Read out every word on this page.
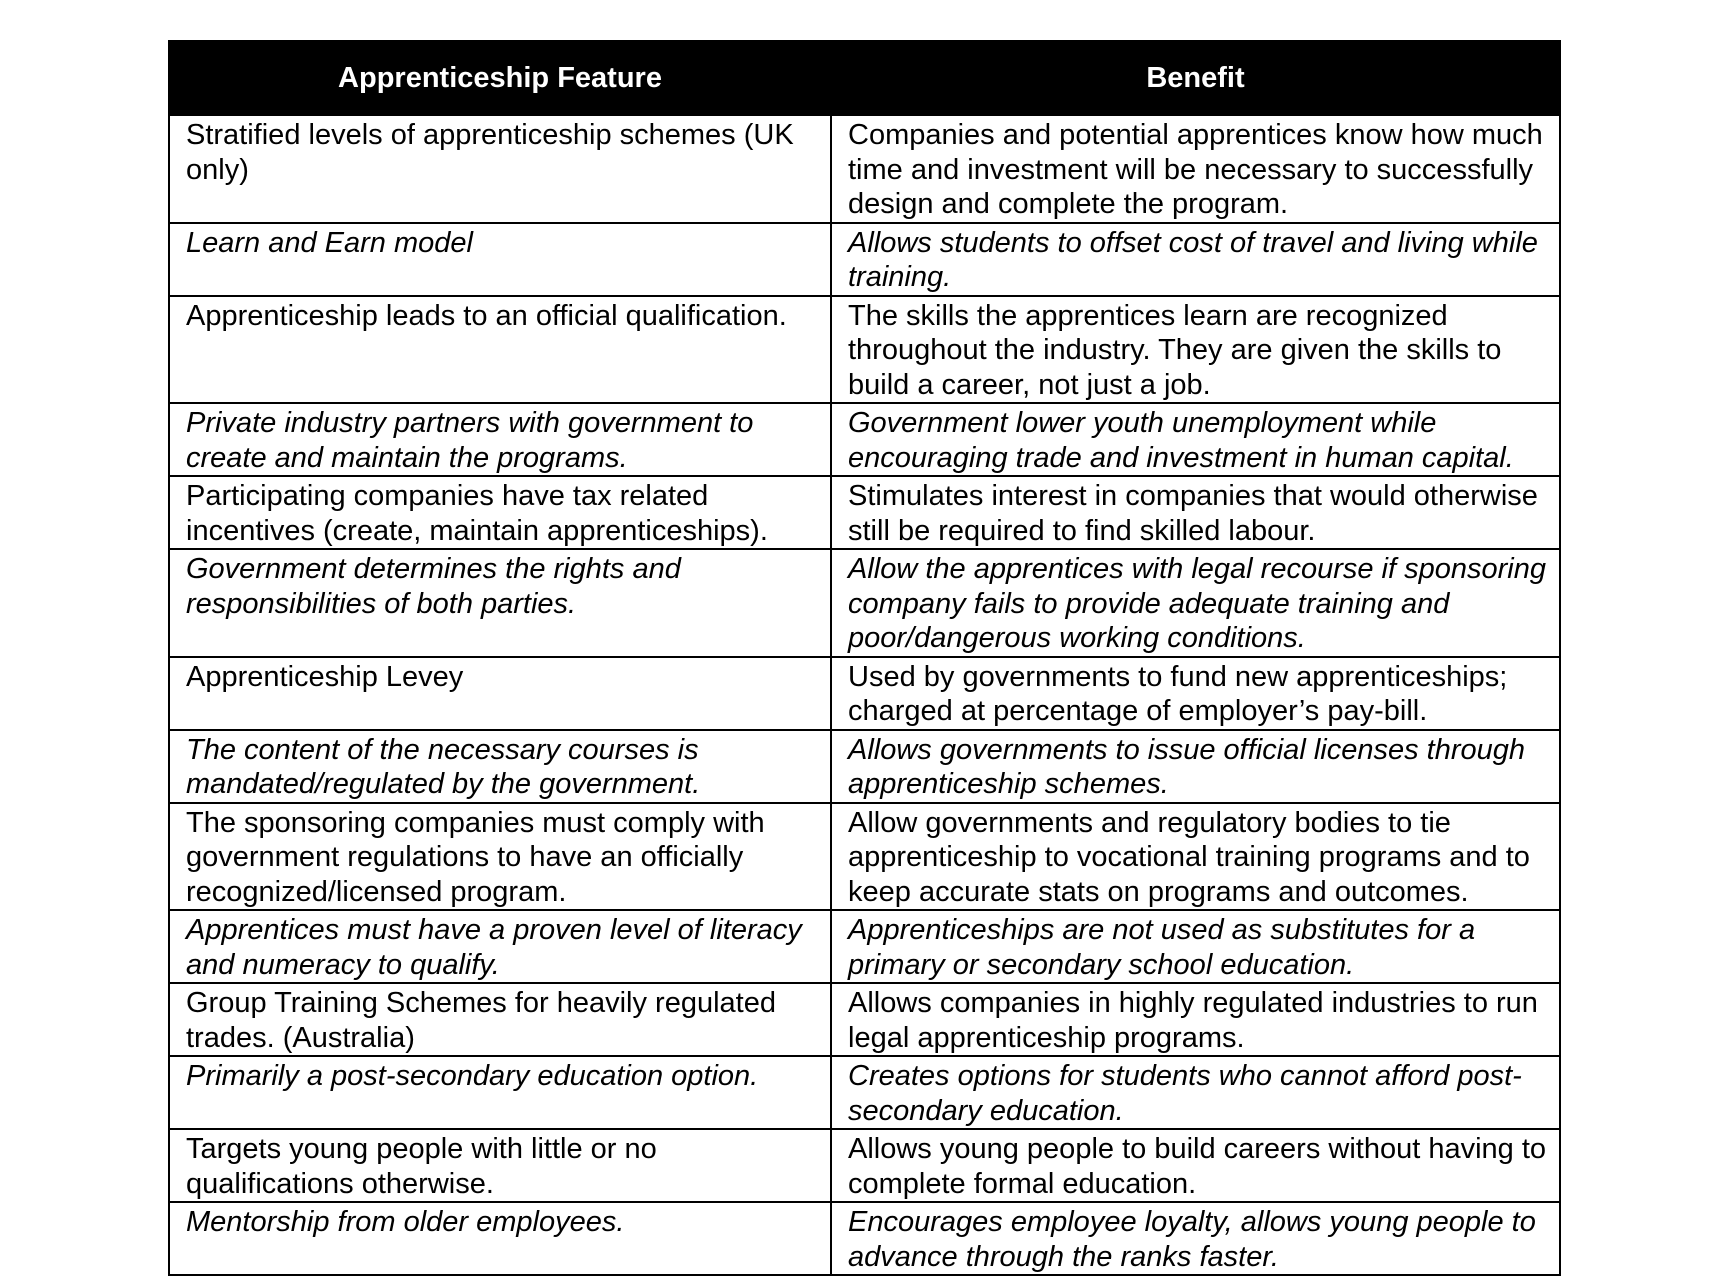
Apprenticeship Feature	Benefit
Stratified levels of apprenticeship schemes (UK only)	Companies and potential apprentices know how much time and investment will be necessary to successfully design and complete the program.
Learn and Earn model	Allows students to offset cost of travel and living while training.
Apprenticeship leads to an official qualification.	The skills the apprentices learn are recognized throughout the industry. They are given the skills to build a career, not just a job.
Private industry partners with government to create and maintain the programs.	Government lower youth unemployment while encouraging trade and investment in human capital.
Participating companies have tax related incentives (create, maintain apprenticeships).	Stimulates interest in companies that would otherwise still be required to find skilled labour.
Government determines the rights and responsibilities of both parties.	Allow the apprentices with legal recourse if sponsoring company fails to provide adequate training and poor/dangerous working conditions.
Apprenticeship Levey	Used by governments to fund new apprenticeships; charged at percentage of employer’s pay-bill.
The content of the necessary courses is mandated/regulated by the government.	Allows governments to issue official licenses through apprenticeship schemes.
The sponsoring companies must comply with government regulations to have an officially recognized/licensed program.	Allow governments and regulatory bodies to tie apprenticeship to vocational training programs and to keep accurate stats on programs and outcomes.
Apprentices must have a proven level of literacy and numeracy to qualify.	Apprenticeships are not used as substitutes for a primary or secondary school education.
Group Training Schemes for heavily regulated trades. (Australia)	Allows companies in highly regulated industries to run legal apprenticeship programs.
Primarily a post-secondary education option.	Creates options for students who cannot afford post-secondary education.
Targets young people with little or no qualifications otherwise.	Allows young people to build careers without having to complete formal education.
Mentorship from older employees.	Encourages employee loyalty, allows young people to advance through the ranks faster.
